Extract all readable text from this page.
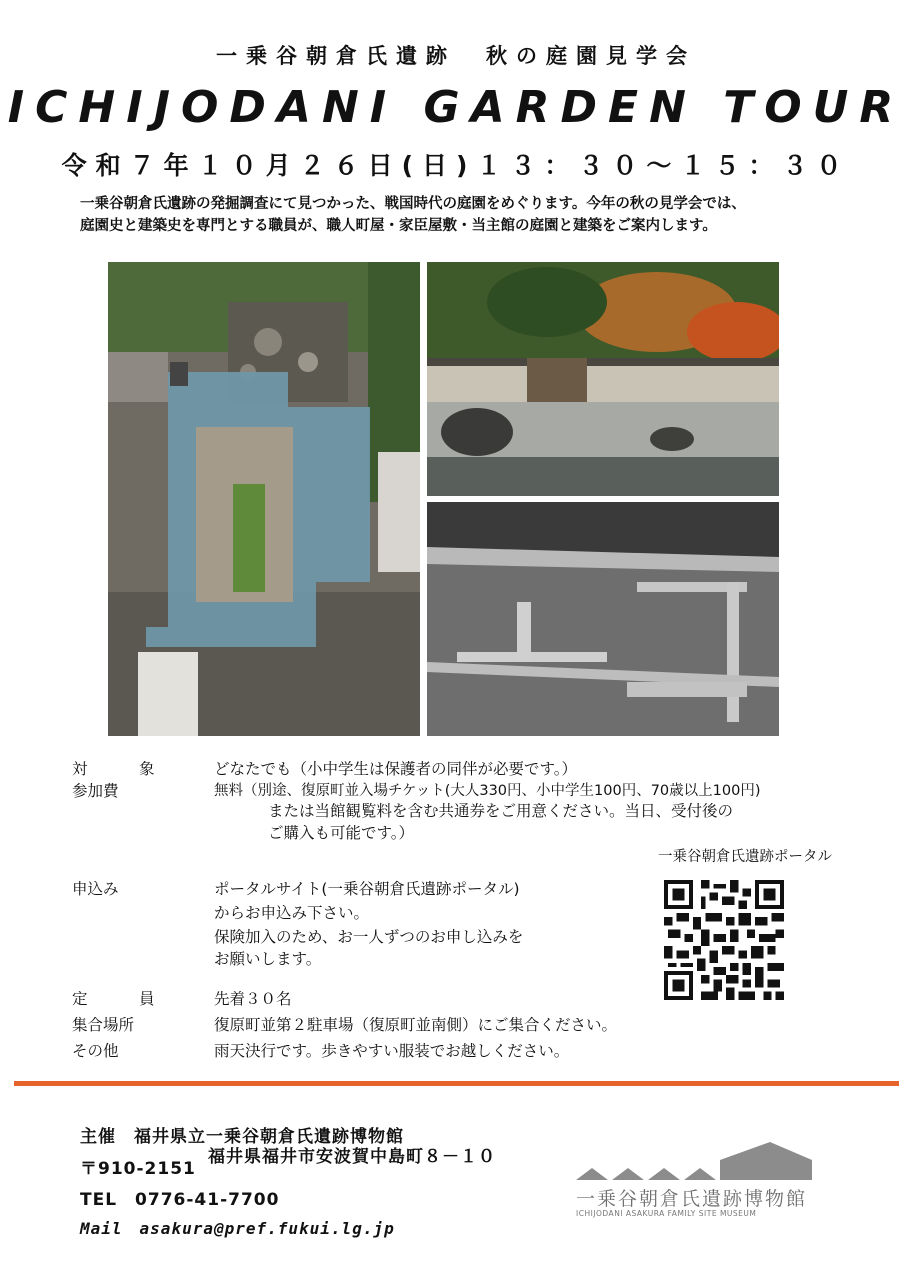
一乗谷朝倉氏遺跡　秋の庭園見学会
ICHIJODANI GARDEN TOUR
令和７年１０月２６日(日)１３：３０～１５：３０
一乗谷朝倉氏遺跡の発掘調査にて見つかった、戦国時代の庭園をめぐります。今年の秋の見学会では、
庭園史と建築史を専門とする職員が、職人町屋・家臣屋敷・当主館の庭園と建築をご案内します。
対　象	どなたでも（小中学生は保護者の同伴が必要です。）
参加費	無料（別途、復原町並入場チケット(大人330円、小中学生100円、70歳以上100円)
または当館観覧料を含む共通券をご用意ください。当日、受付後の
ご購入も可能です。）
一乗谷朝倉氏遺跡ポータル
申込み	ポータルサイト(一乗谷朝倉氏遺跡ポータル)
からお申込み下さい。
保険加入のため、お一人ずつのお申し込みを
お願いします。
定　員	先着３０名
集合場所	復原町並第２駐車場（復原町並南側）にご集合ください。
その他	雨天決行です。歩きやすい服装でお越しください。
主催　福井県立一乗谷朝倉氏遺跡博物館
〒910-2151
福井県福井市安波賀中島町８－１０
TEL　0776-41-7700
Mail　asakura@pref.fukui.lg.jp
一乗谷朝倉氏遺跡博物館
ICHIJODANI ASAKURA FAMILY SITE MUSEUM
